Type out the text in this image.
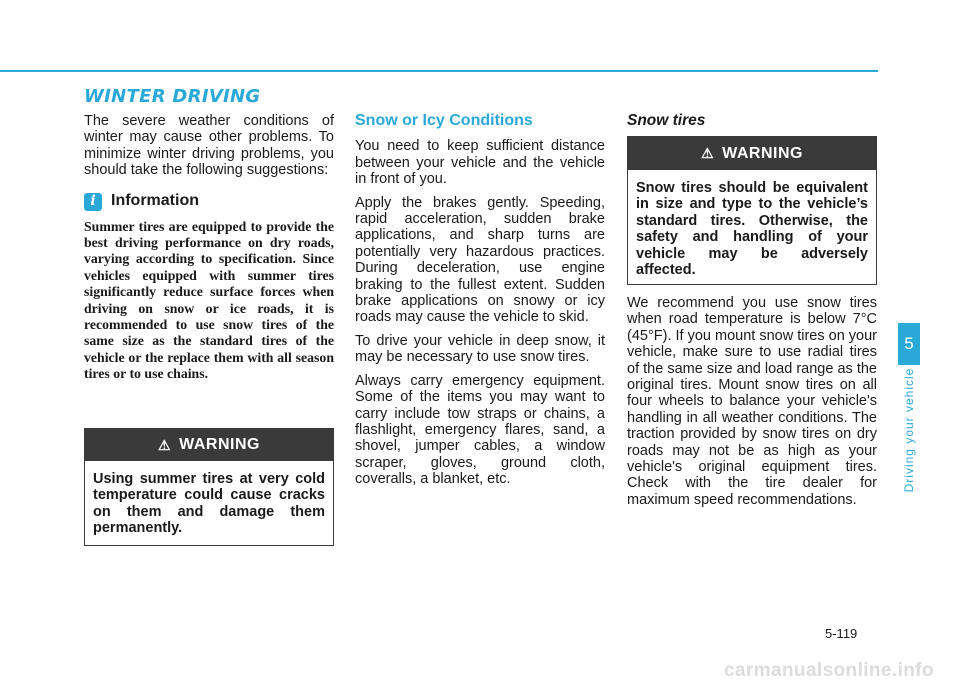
WINTER DRIVING

The severe weather conditions of winter may cause other problems. To minimize winter driving problems, you should take the following suggestions:

i Information

Summer tires are equipped to provide the best driving performance on dry roads, varying according to specification. Since vehicles equipped with summer tires significantly reduce surface forces when driving on snow or ice roads, it is recommended to use snow tires of the same size as the standard tires of the vehicle or the replace them with all season tires or to use chains.

⚠ WARNING

Using summer tires at very cold temperature could cause cracks on them and damage them permanently.

Snow or Icy Conditions

You need to keep sufficient distance between your vehicle and the vehicle in front of you.

Apply the brakes gently. Speeding, rapid acceleration, sudden brake applications, and sharp turns are potentially very hazardous practices. During deceleration, use engine braking to the fullest extent. Sudden brake applications on snowy or icy roads may cause the vehicle to skid.

To drive your vehicle in deep snow, it may be necessary to use snow tires.

Always carry emergency equipment. Some of the items you may want to carry include tow straps or chains, a flashlight, emergency flares, sand, a shovel, jumper cables, a window scraper, gloves, ground cloth, coveralls, a blanket, etc.

Snow tires
⚠ WARNING

Snow tires should be equivalent in size and type to the vehicle’s standard tires. Otherwise, the safety and handling of your vehicle may be adversely affected.

We recommend you use snow tires when road temperature is below 7°C (45°F). If you mount snow tires on your vehicle, make sure to use radial tires of the same size and load range as the original tires. Mount snow tires on all four wheels to balance your vehicle's handling in all weather conditions. The traction provided by snow tires on dry roads may not be as high as your vehicle's original equipment tires. Check with the tire dealer for maximum speed recommendations.

5
Driving your vehicle
5-119
carmanualsonline.info
